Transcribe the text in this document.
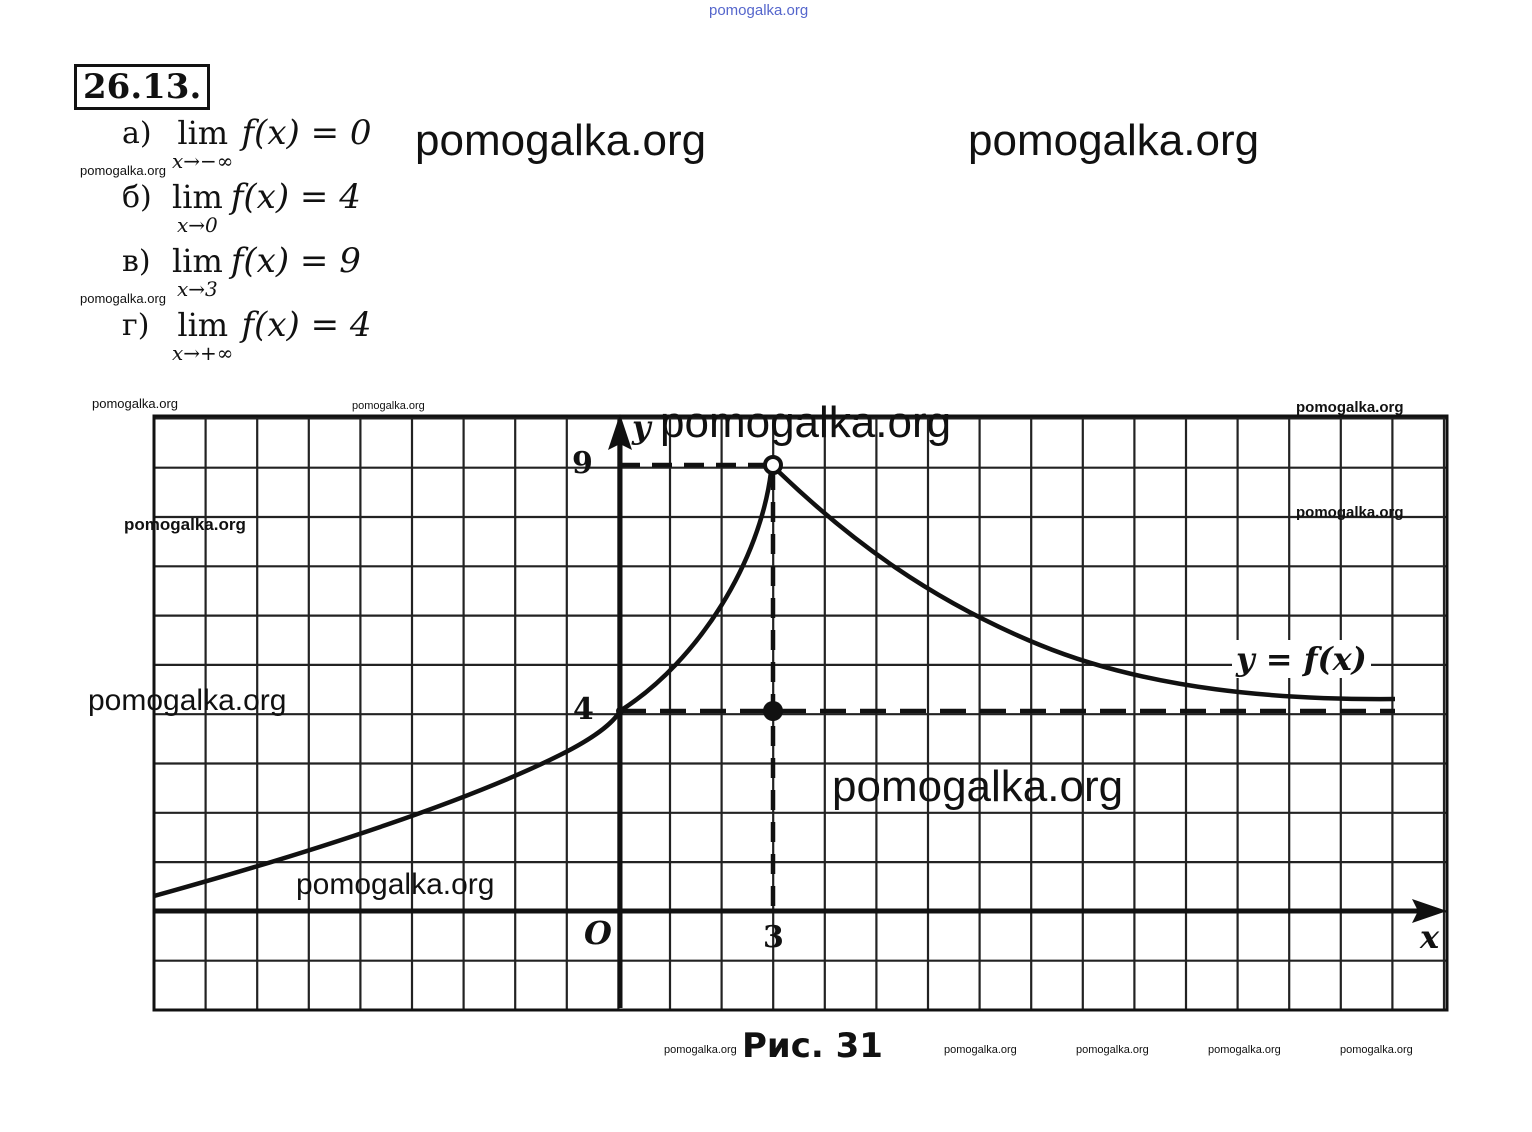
pomogalka.org
26.13.
а) lim
x→−∞
f(x) = 0
б) lim
x→0
f(x) = 4
в) lim
x→3
f(x) = 9
г) lim
x→+∞
f(x) = 4
pomogalka.org	pomogalka.org
pomogalka.org
pomogalka.org
pomogalka.org	pomogalka.org
y
x
O
9
4
3
y = f(x)
pomogalka.org	pomogalka.org
pomogalka.org
pomogalka.org
pomogalka.org
pomogalka.org
pomogalka.org
Рис. 31
pomogalka.org	pomogalka.org	pomogalka.org	pomogalka.org	pomogalka.org
